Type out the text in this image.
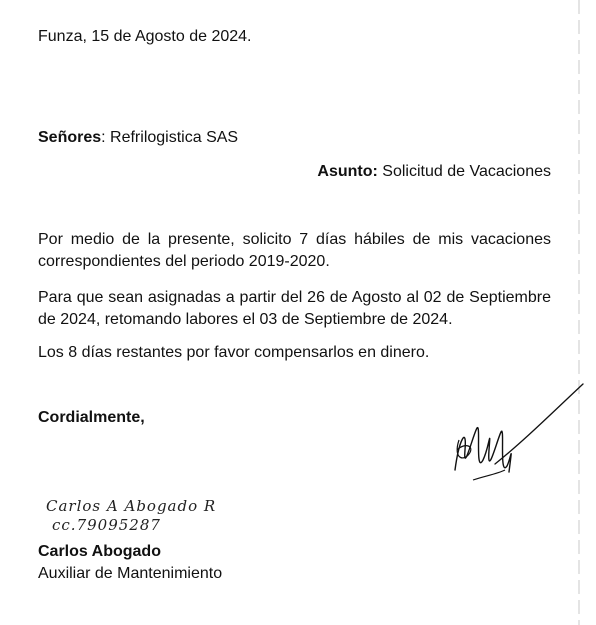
Funza, 15 de Agosto de 2024.
Señores: Refrilogistica SAS
Asunto: Solicitud de Vacaciones
Por medio de la presente, solicito 7 días hábiles de mis vacaciones correspondientes del periodo 2019-2020.
Para que sean asignadas a partir del 26 de Agosto al 02 de Septiembre de 2024, retomando labores el 03 de Septiembre de 2024.
Los 8 días restantes por favor compensarlos en dinero.
Cordialmente,
Carlos A Abogado R
cc.79095287
Carlos Abogado
Auxiliar de Mantenimiento
